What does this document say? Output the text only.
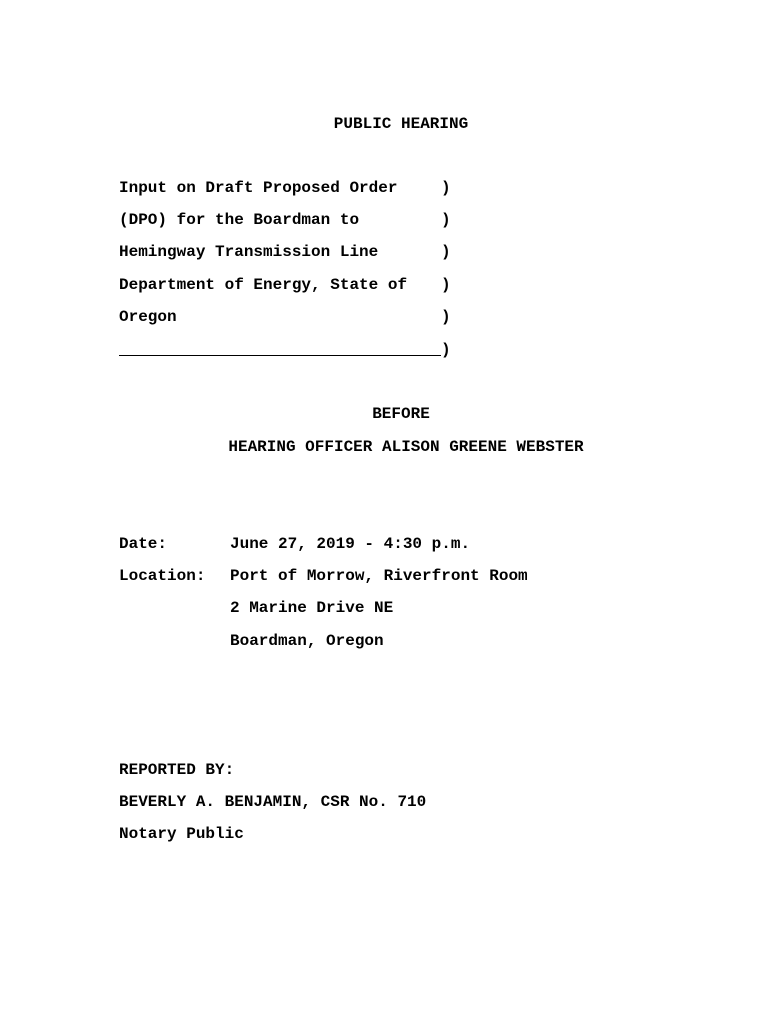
PUBLIC HEARING
Input on Draft Proposed Order	)
(DPO) for the Boardman to	)
Hemingway Transmission Line	)
Department of Energy, State of )
Oregon	)
)
BEFORE
HEARING OFFICER ALISON GREENE WEBSTER
Date:	June 27, 2019 - 4:30 p.m.
Location: Port of Morrow, Riverfront Room
2 Marine Drive NE
Boardman, Oregon
REPORTED BY:
BEVERLY A. BENJAMIN, CSR No. 710
Notary Public
